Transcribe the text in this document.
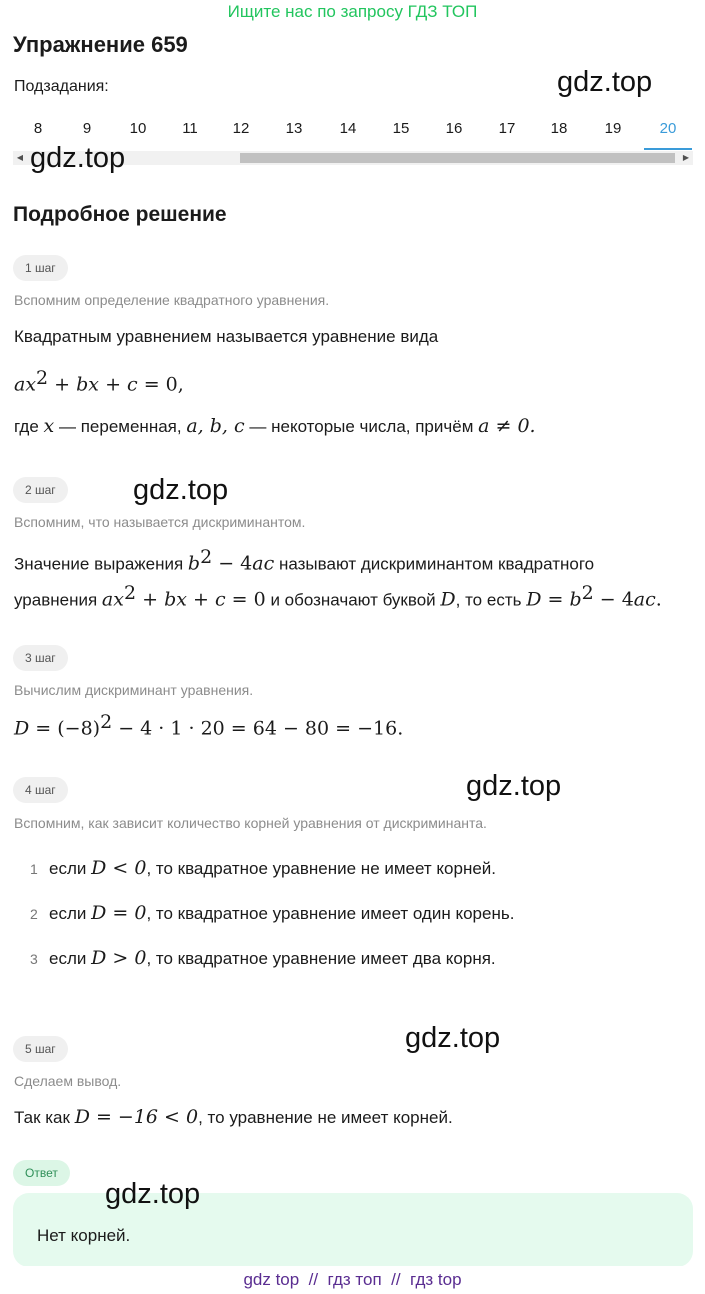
Ищите нас по запросу ГДЗ ТОП
Упражнение 659
Подзадания:	gdz.top
8	9	10	11	12	13	14	15	16	17	18	19	20
◀	▶
gdz.top
Подробное решение
1 шаг
Вспомним определение квадратного уравнения.
Квадратным уравнением называется уравнение вида
$ax^2$ + bx + c = 0,
где x — переменная, a, b, c — некоторые числа, причём a ≠ 0.
2 шаг	gdz.top
Вспомним, что называется дискриминантом.
Значение выражения $b^2 - 4ac$ называют дискриминантом квадратного
уравнения $ax^2$ + bx + c = 0 и обозначают буквой D, то есть $D = b^2 - 4ac$.
3 шаг
Вычислим дискриминант уравнения.
$D = (-8)^2 - 4 \cdot 1 \cdot 20 = 64 - 80 = -16$.
4 шаг	gdz.top
Вспомним, как зависит количество корней уравнения от дискриминанта.
1 если D < 0, то квадратное уравнение не имеет корней.
2 если D = 0, то квадратное уравнение имеет один корень.
3 если D > 0, то квадратное уравнение имеет два корня.
5 шаг	gdz.top
Сделаем вывод.
Так как D = −16 < 0, то уравнение не имеет корней.
Ответ
Нет корней.
gdz.top
gdz top  //  гдз топ  //  гдз top
